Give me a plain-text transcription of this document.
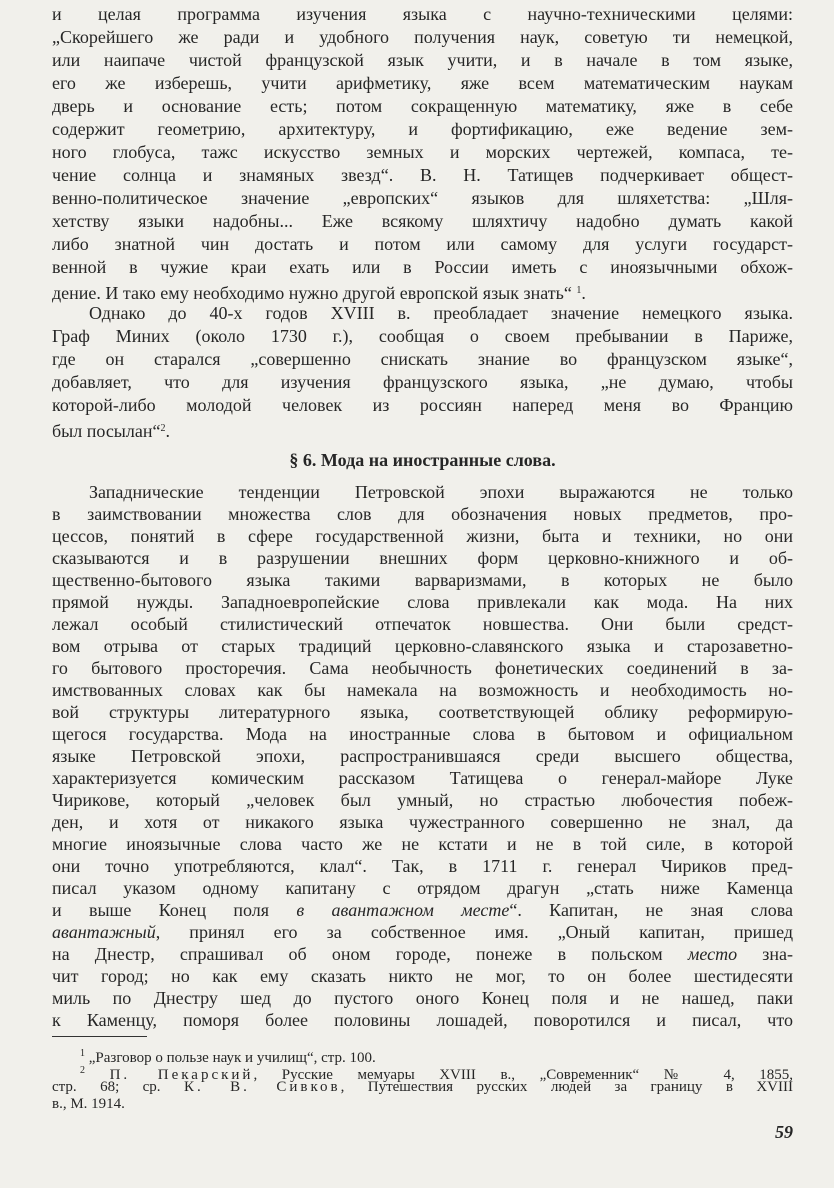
и целая программа изучения языка с научно-техническими целями:
„Скорейшего же ради и удобного получения наук, советую ти немецкой,
или наипаче чистой французской язык учити, и в начале в том языке,
его же изберешь, учити арифметику, яже всем математическим наукам
дверь и основание есть; потом сокращенную математику, яже в себе
содержит геометрию, архитектуру, и фортификацию, еже ведение зем-
ного глобуса, тажс искусство земных и морских чертежей, компаса, те-
чение солнца и знамяных звезд“. В. Н. Татищев подчеркивает общест-
венно-политическое значение „европских“ языков для шляхетства: „Шля-
хетству языки надобны... Еже всякому шляхтичу надобно думать какой
либо знатной чин достать и потом или самому для услуги государст-
венной в чужие краи ехать или в России иметь с иноязычными обхож-
дение. И тако ему необходимо нужно другой европской язык знать“ $^1$.
Однако до 40-х годов XVIII в. преобладает значение немецкого языка.
Граф Миних (около 1730 г.), сообщая о своем пребывании в Париже,
где он старался „совершенно снискать знание во французском языке“,
добавляет, что для изучения французского языка, „не думаю, чтобы
которой-либо молодой человек из россиян наперед меня во Францию
был посылан“$^2$.
§ 6. Мода на иностранные слова.
Западнические тенденции Петровской эпохи выражаются не только
в заимствовании множества слов для обозначения новых предметов, про-
цессов, понятий в сфере государственной жизни, быта и техники, но они
сказываются и в разрушении внешних форм церковно-книжного и об-
щественно-бытового языка такими варваризмами, в которых не было
прямой нужды. Западноевропейские слова привлекали как мода. На них
лежал особый стилистический отпечаток новшества. Они были средст-
вом отрыва от старых традиций церковно-славянского языка и старозаветно-
го бытового просторечия. Сама необычность фонетических соединений в за-
имствованных словах как бы намекала на возможность и необходимость но-
вой структуры литературного языка, соответствующей облику реформирую-
щегося государства. Мода на иностранные слова в бытовом и официальном
языке Петровской эпохи, распространившаяся среди высшего общества,
характеризуется комическим рассказом Татищева о генерал-майоре Луке
Чирикове, который „человек был умный, но страстью любочестия побеж-
ден, и хотя от никакого языка чужестранного совершенно не знал, да
многие иноязычные слова часто же не кстати и не в той силе, в которой
они точно употребляются, клал“. Так, в 1711 г. генерал Чириков пред-
писал указом одному капитану с отрядом драгун „стать ниже Каменца
и выше Конец поля в авантажном месте“. Капитан, не зная слова
авантажный, принял его за собственное имя. „Оный капитан, пришед
на Днестр, спрашивал об оном городе, понеже в польском место зна-
чит город; но как ему сказать никто не мог, то он более шестидесяти
миль по Днестру шед до пустого оного Конец поля и не нашед, паки
к Каменцу, поморя более половины лошадей, поворотился и писал, что
$^1$ „Разговор о пользе наук и училищ“, стр. 100.
$^2$ П. Пекарский, Русские мемуары XVIII в., „Современник“ № 4, 1855,
стр. 68; ср. К. В. Сивков, Путешествия русских людей за границу в XVIII
в., М. 1914.
59
